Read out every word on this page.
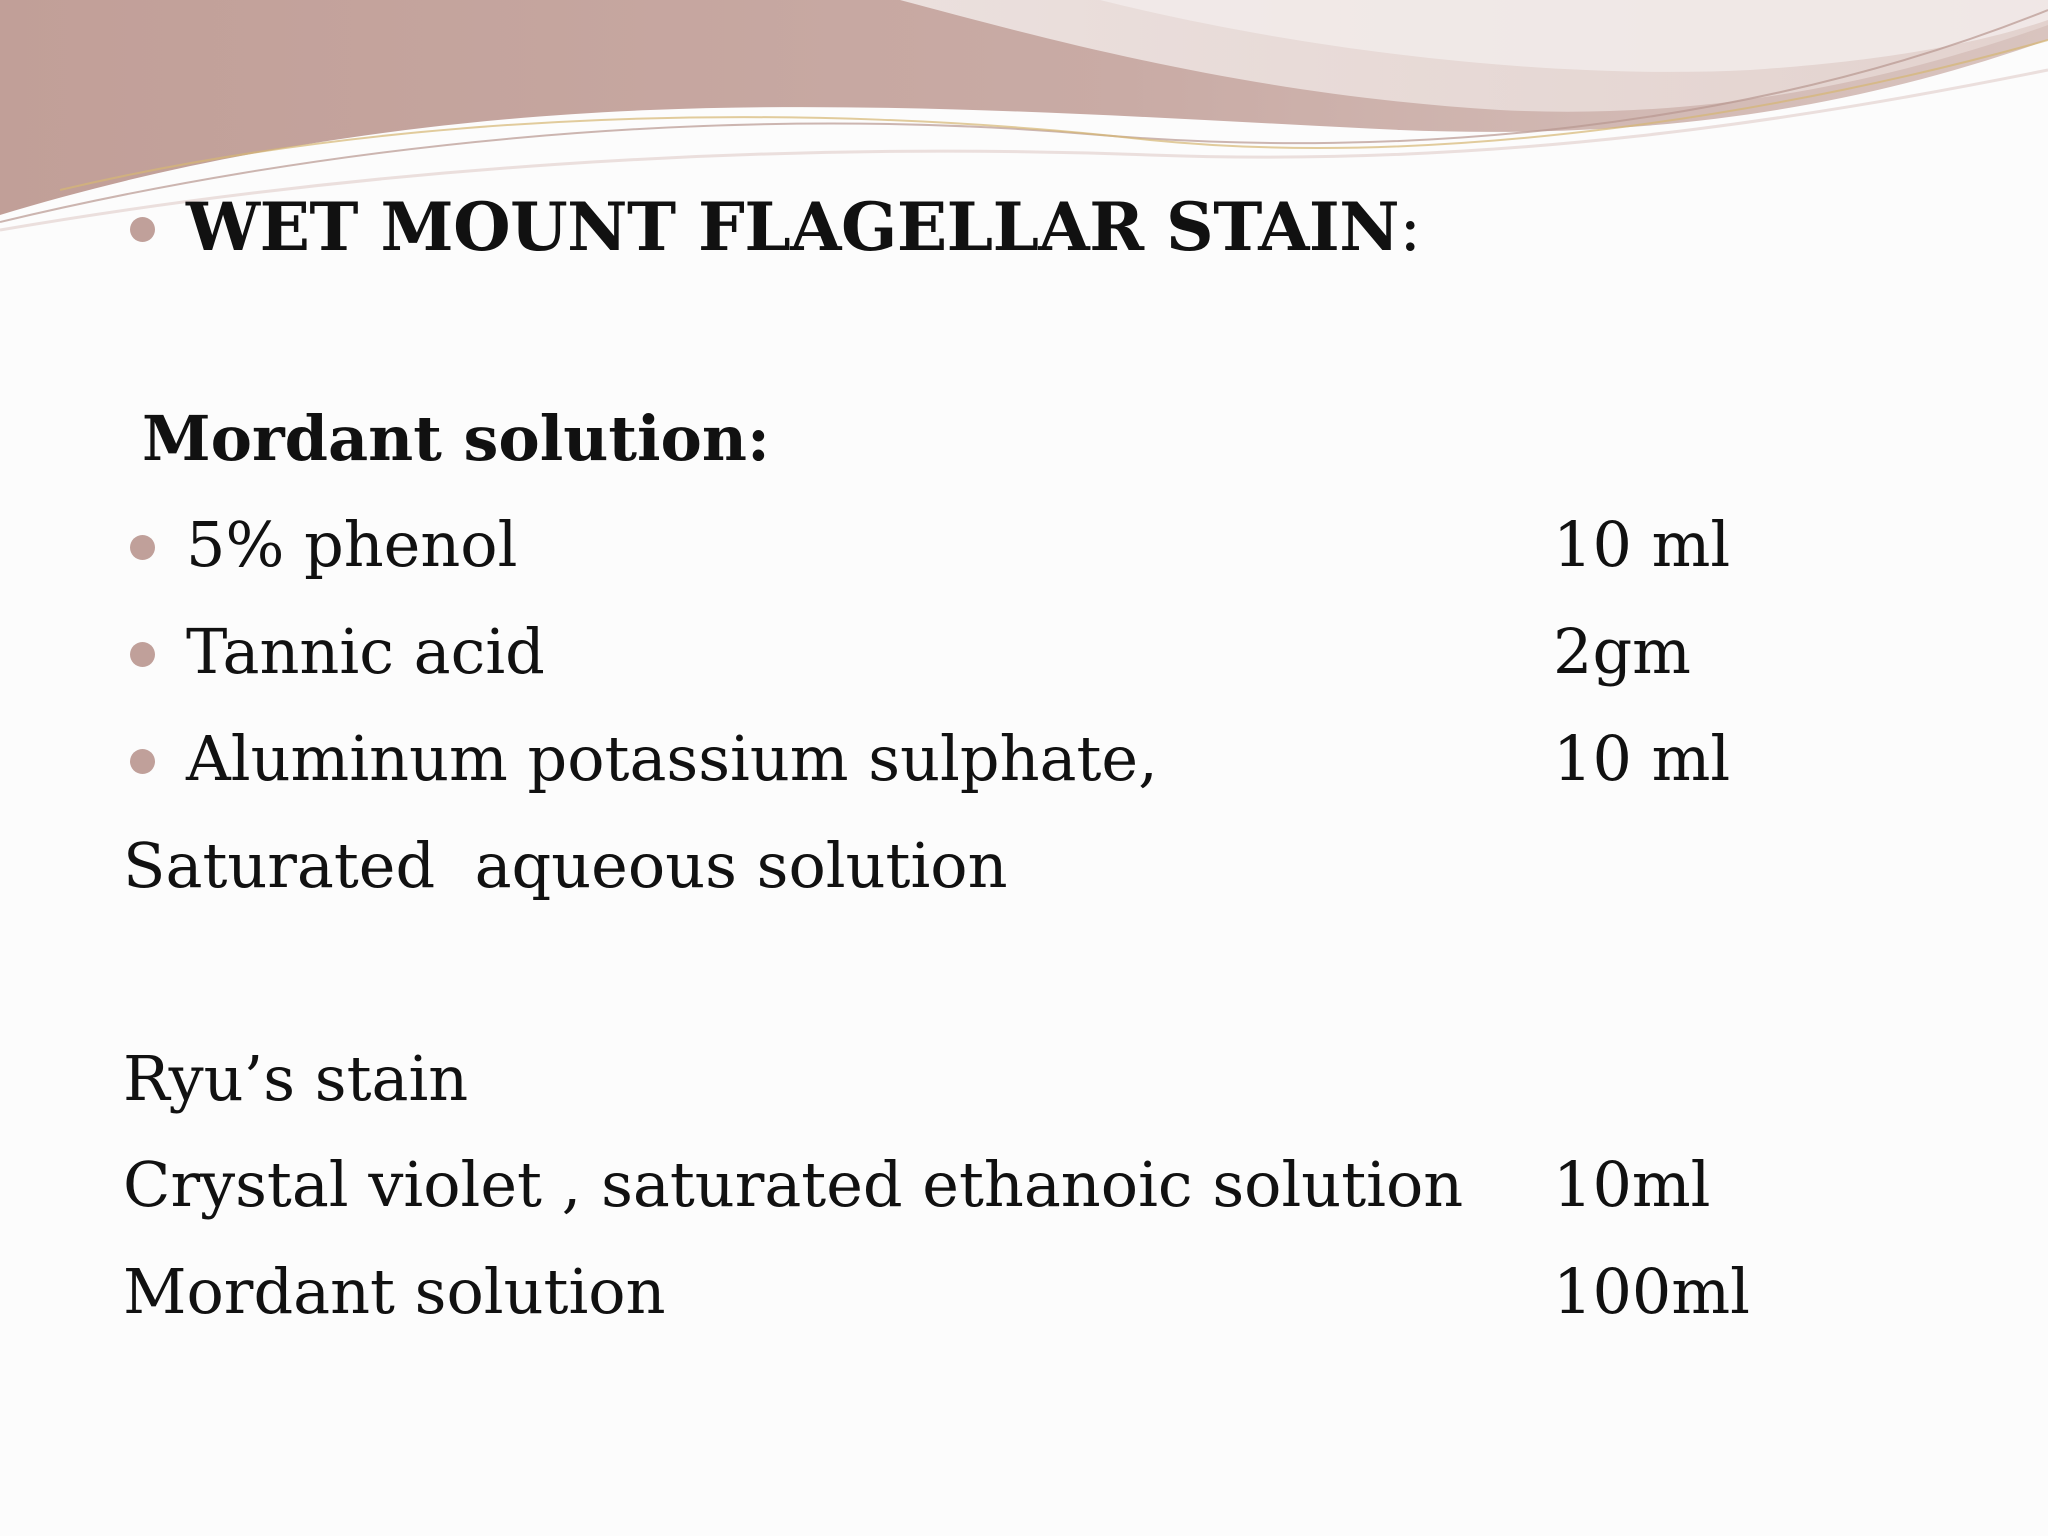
WET MOUNT FLAGELLAR STAIN:
Mordant solution:
5% phenol	10 ml
Tannic acid	2gm
Aluminum potassium sulphate,	10 ml
Saturated  aqueous solution
Ryu’s stain
Crystal violet , saturated ethanoic solution 10ml
Mordant solution	100ml
